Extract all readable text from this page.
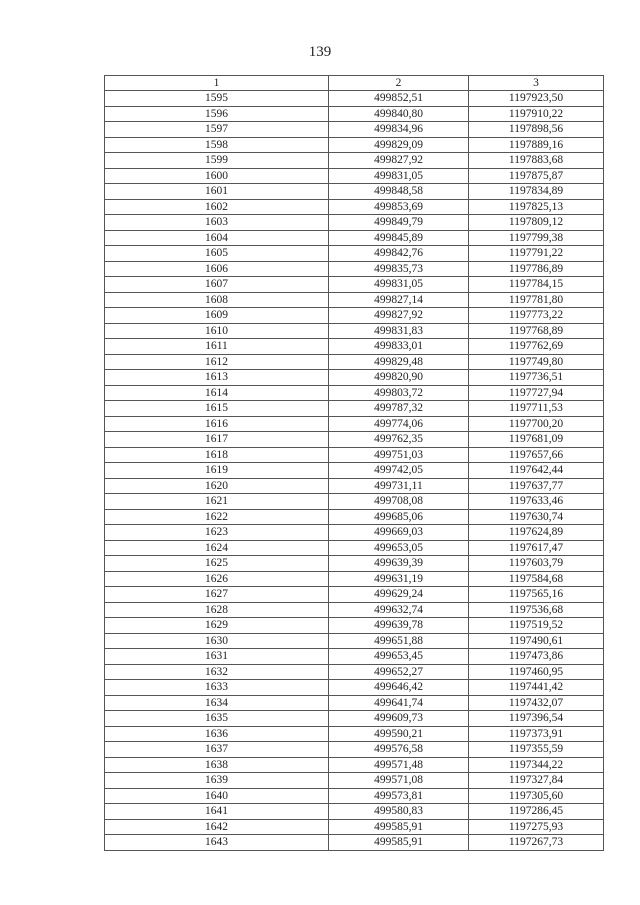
139
1	2	3
1595	499852,51	1197923,50
1596	499840,80	1197910,22
1597	499834,96	1197898,56
1598	499829,09	1197889,16
1599	499827,92	1197883,68
1600	499831,05	1197875,87
1601	499848,58	1197834,89
1602	499853,69	1197825,13
1603	499849,79	1197809,12
1604	499845,89	1197799,38
1605	499842,76	1197791,22
1606	499835,73	1197786,89
1607	499831,05	1197784,15
1608	499827,14	1197781,80
1609	499827,92	1197773,22
1610	499831,83	1197768,89
1611	499833,01	1197762,69
1612	499829,48	1197749,80
1613	499820,90	1197736,51
1614	499803,72	1197727,94
1615	499787,32	1197711,53
1616	499774,06	1197700,20
1617	499762,35	1197681,09
1618	499751,03	1197657,66
1619	499742,05	1197642,44
1620	499731,11	1197637,77
1621	499708,08	1197633,46
1622	499685,06	1197630,74
1623	499669,03	1197624,89
1624	499653,05	1197617,47
1625	499639,39	1197603,79
1626	499631,19	1197584,68
1627	499629,24	1197565,16
1628	499632,74	1197536,68
1629	499639,78	1197519,52
1630	499651,88	1197490,61
1631	499653,45	1197473,86
1632	499652,27	1197460,95
1633	499646,42	1197441,42
1634	499641,74	1197432,07
1635	499609,73	1197396,54
1636	499590,21	1197373,91
1637	499576,58	1197355,59
1638	499571,48	1197344,22
1639	499571,08	1197327,84
1640	499573,81	1197305,60
1641	499580,83	1197286,45
1642	499585,91	1197275,93
1643	499585,91	1197267,73
